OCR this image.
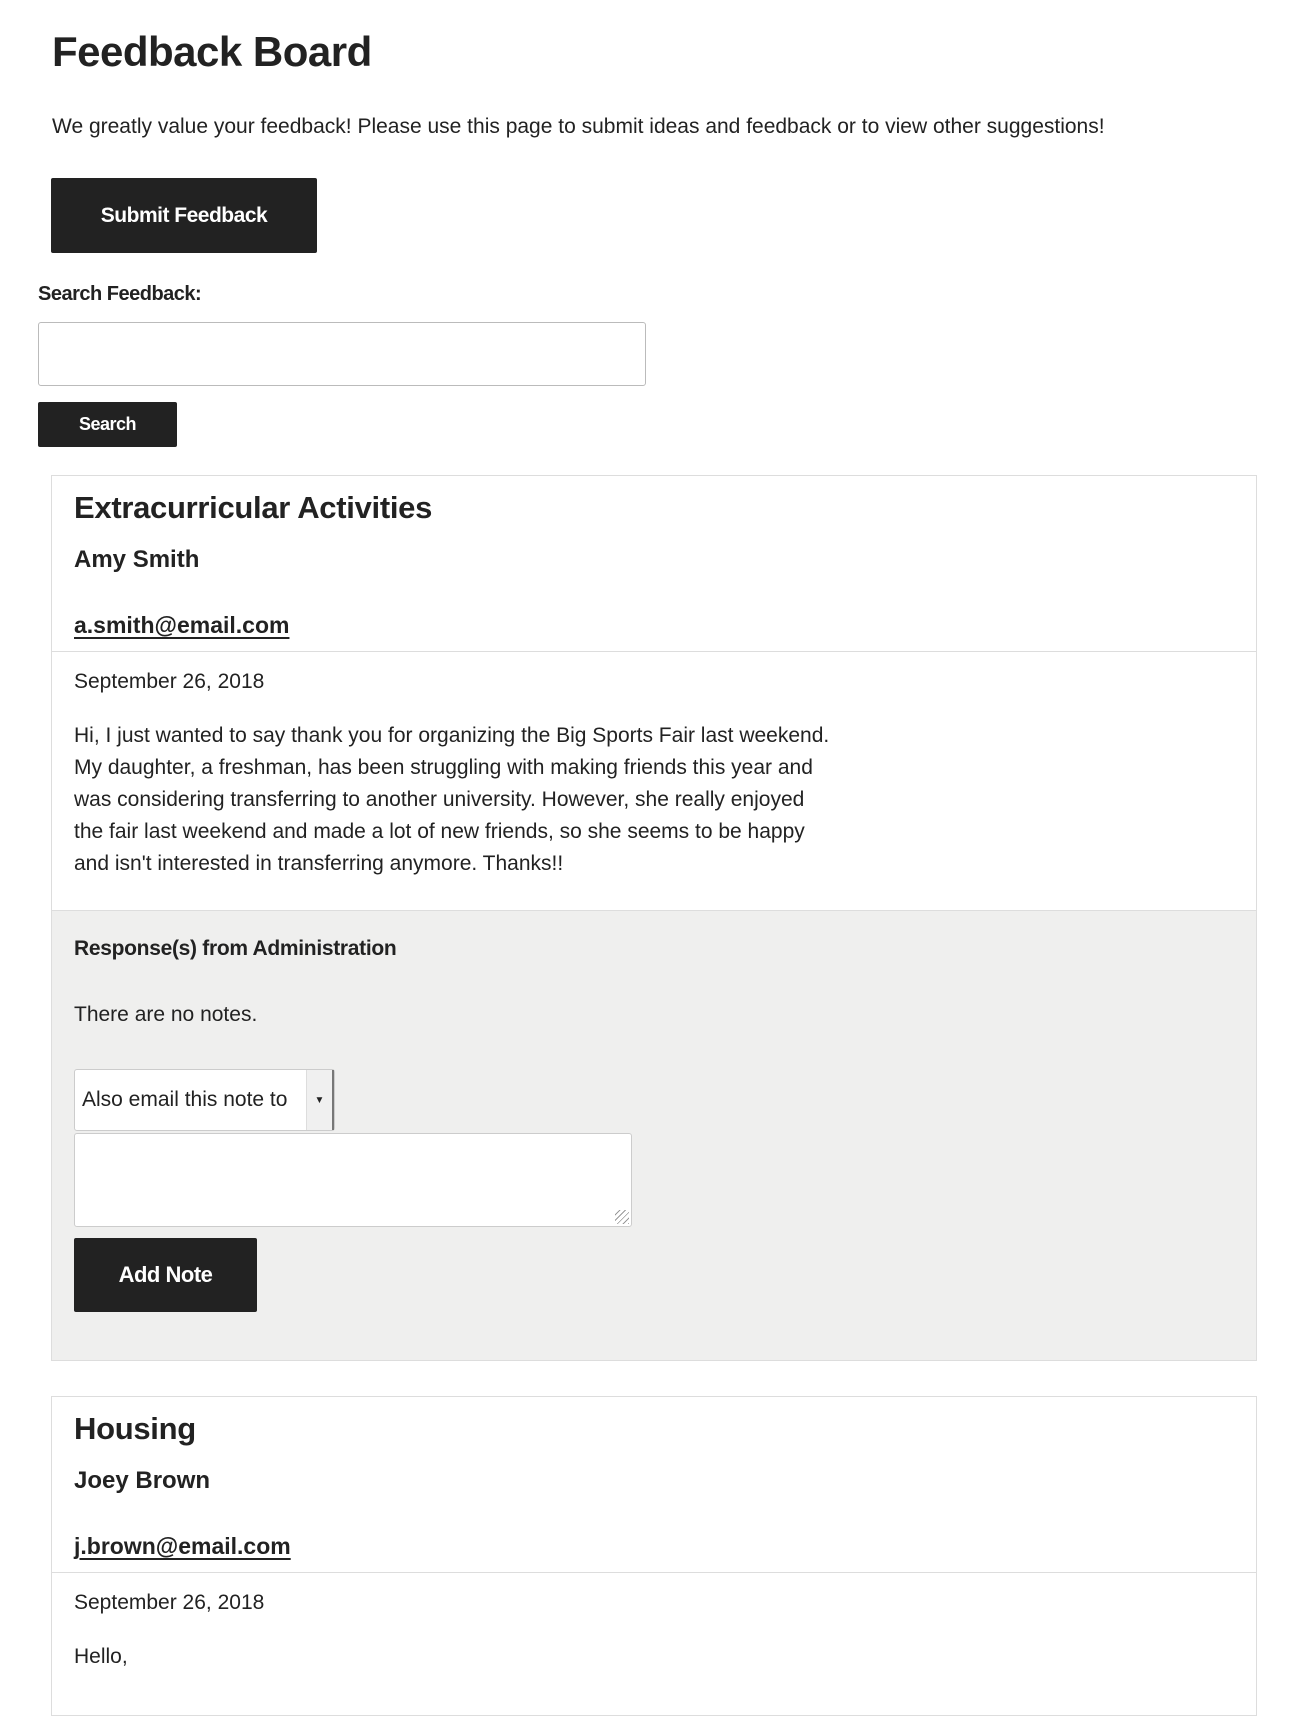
Feedback Board

We greatly value your feedback! Please use this page to submit ideas and feedback or to view other suggestions!

Submit Feedback
Search Feedback:
Search
Extracurricular Activities
Amy Smith
a.smith@email.com
September 26, 2018
Hi, I just wanted to say thank you for organizing the Big Sports Fair last weekend. My daughter, a freshman, has been struggling with making friends this year and was considering transferring to another university. However, she really enjoyed the fair last weekend and made a lot of new friends, so she seems to be happy and isn't interested in transferring anymore. Thanks!!
Response(s) from Administration
There are no notes.
Also email this note to	▼
Add Note
Housing
Joey Brown
j.brown@email.com
September 26, 2018
Hello,
